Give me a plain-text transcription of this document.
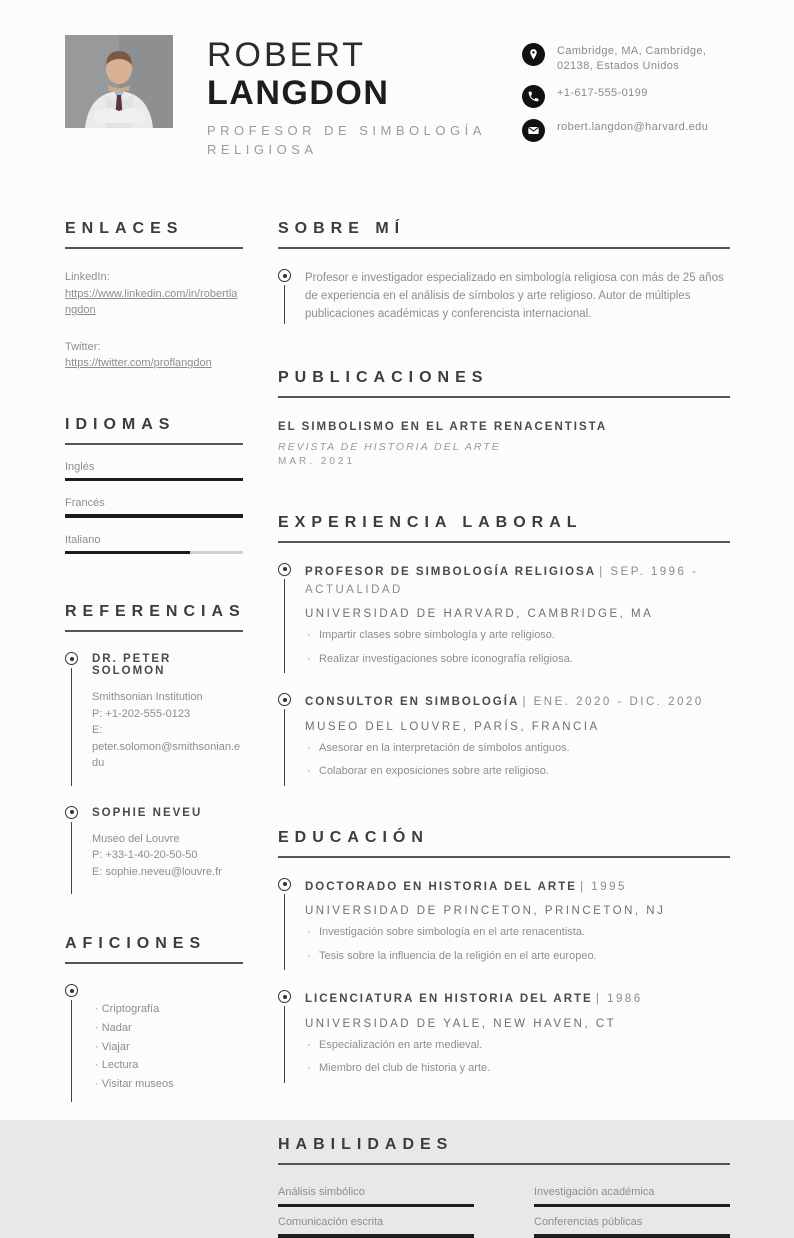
ROBERT
LANGDON
PROFESOR DE SIMBOLOGÍA RELIGIOSA
Cambridge, MA, Cambridge, 02138, Estados Unidos
+1-617-555-0199
robert.langdon@harvard.edu
ENLACES
LinkedIn:
https://www.linkedin.com/in/robertlangdon
Twitter:
https://twitter.com/proflangdon
IDIOMAS
Inglés
Francés
Italiano
REFERENCIAS
DR. PETER SOLOMON
Smithsonian Institution
P: +1-202-555-0123
E: peter.solomon@smithsonian.edu
SOPHIE NEVEU
Museo del Louvre
P: +33-1-40-20-50-50
E: sophie.neveu@louvre.fr
AFICIONES
· Criptografía
· Nadar
· Viajar
· Lectura
· Visitar museos
SOBRE MÍ
Profesor e investigador especializado en simbología religiosa con más de 25 años de experiencia en el análisis de símbolos y arte religioso. Autor de múltiples publicaciones académicas y conferencista internacional.
PUBLICACIONES
EL SIMBOLISMO EN EL ARTE RENACENTISTA
REVISTA DE HISTORIA DEL ARTE
MAR. 2021
EXPERIENCIA LABORAL
PROFESOR DE SIMBOLOGÍA RELIGIOSA | SEP. 1996 - ACTUALIDAD
UNIVERSIDAD DE HARVARD, CAMBRIDGE, MA
· Impartir clases sobre simbología y arte religioso.
· Realizar investigaciones sobre iconografía religiosa.
CONSULTOR EN SIMBOLOGÍA | ENE. 2020 - DIC. 2020
MUSEO DEL LOUVRE, PARÍS, FRANCIA
· Asesorar en la interpretación de símbolos antiguos.
· Colaborar en exposiciones sobre arte religioso.
EDUCACIÓN
DOCTORADO EN HISTORIA DEL ARTE | 1995
UNIVERSIDAD DE PRINCETON, PRINCETON, NJ
· Investigación sobre simbología en el arte renacentista.
· Tesis sobre la influencia de la religión en el arte europeo.
LICENCIATURA EN HISTORIA DEL ARTE | 1986
UNIVERSIDAD DE YALE, NEW HAVEN, CT
· Especialización en arte medieval.
· Miembro del club de historia y arte.
HABILIDADES
Análisis simbólico	Investigación académica
Comunicación escrita	Conferencias públicas
